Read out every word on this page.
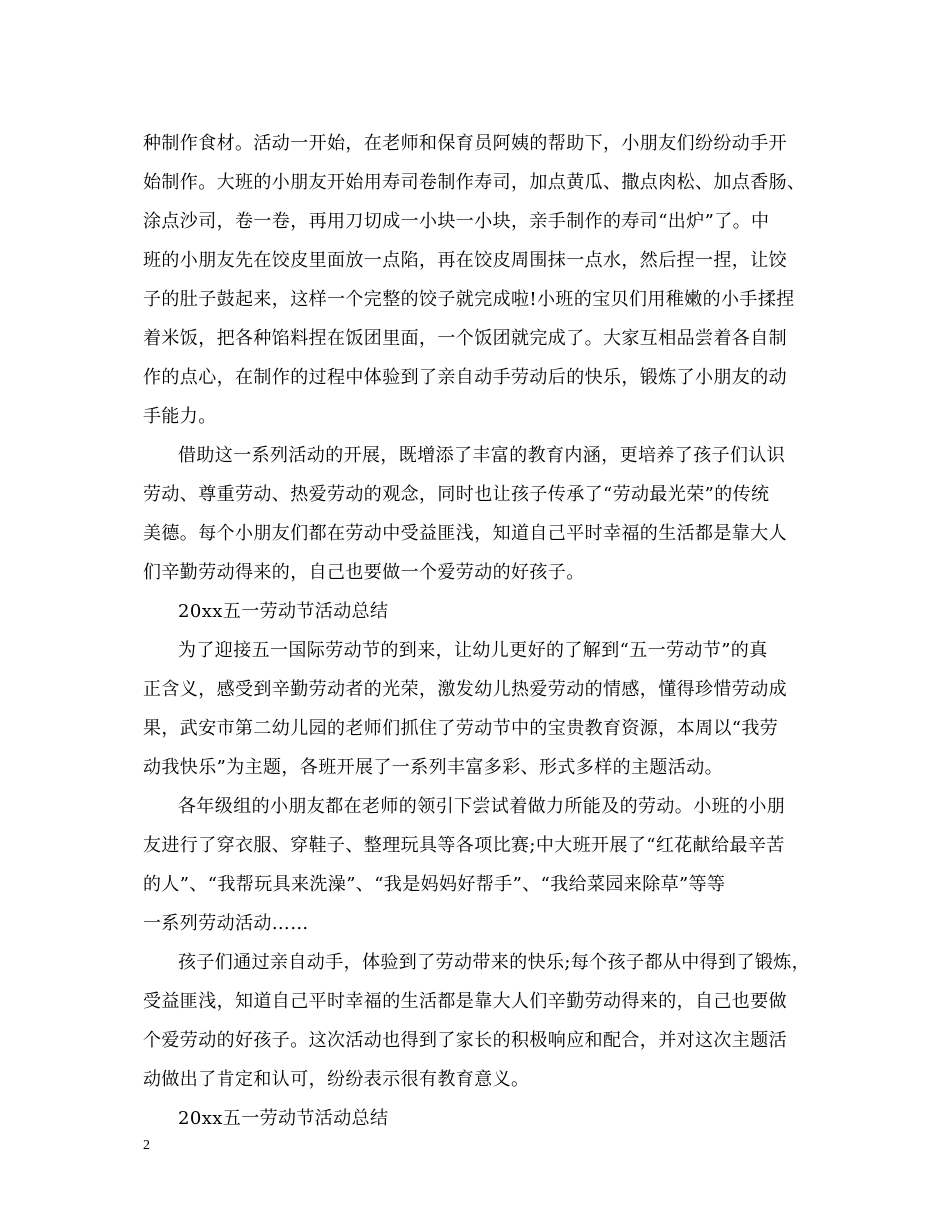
种制作食材。活动一开始，在老师和保育员阿姨的帮助下，小朋友们纷纷动手开
始制作。大班的小朋友开始用寿司卷制作寿司，加点黄瓜、撒点肉松、加点香肠、
涂点沙司，卷一卷，再用刀切成一小块一小块，亲手制作的寿司“出炉”了。中
班的小朋友先在饺皮里面放一点陷，再在饺皮周围抹一点水，然后捏一捏，让饺
子的肚子鼓起来，这样一个完整的饺子就完成啦!小班的宝贝们用稚嫩的小手揉捏
着米饭，把各种馅料捏在饭团里面，一个饭团就完成了。大家互相品尝着各自制
作的点心，在制作的过程中体验到了亲自动手劳动后的快乐，锻炼了小朋友的动
手能力。
借助这一系列活动的开展，既增添了丰富的教育内涵，更培养了孩子们认识
劳动、尊重劳动、热爱劳动的观念，同时也让孩子传承了“劳动最光荣”的传统
美德。每个小朋友们都在劳动中受益匪浅，知道自己平时幸福的生活都是靠大人
们辛勤劳动得来的，自己也要做一个爱劳动的好孩子。
20xx五一劳动节活动总结
为了迎接五一国际劳动节的到来，让幼儿更好的了解到“五一劳动节”的真
正含义，感受到辛勤劳动者的光荣，激发幼儿热爱劳动的情感，懂得珍惜劳动成
果，武安市第二幼儿园的老师们抓住了劳动节中的宝贵教育资源，本周以“我劳
动我快乐”为主题，各班开展了一系列丰富多彩、形式多样的主题活动。
各年级组的小朋友都在老师的领引下尝试着做力所能及的劳动。小班的小朋
友进行了穿衣服、穿鞋子、整理玩具等各项比赛;中大班开展了“红花献给最辛苦
的人”、“我帮玩具来洗澡”、“我是妈妈好帮手”、“我给菜园来除草”等等
一系列劳动活动……
孩子们通过亲自动手，体验到了劳动带来的快乐;每个孩子都从中得到了锻炼，
受益匪浅，知道自己平时幸福的生活都是靠大人们辛勤劳动得来的，自己也要做
个爱劳动的好孩子。这次活动也得到了家长的积极响应和配合，并对这次主题活
动做出了肯定和认可，纷纷表示很有教育意义。
20xx五一劳动节活动总结
2
